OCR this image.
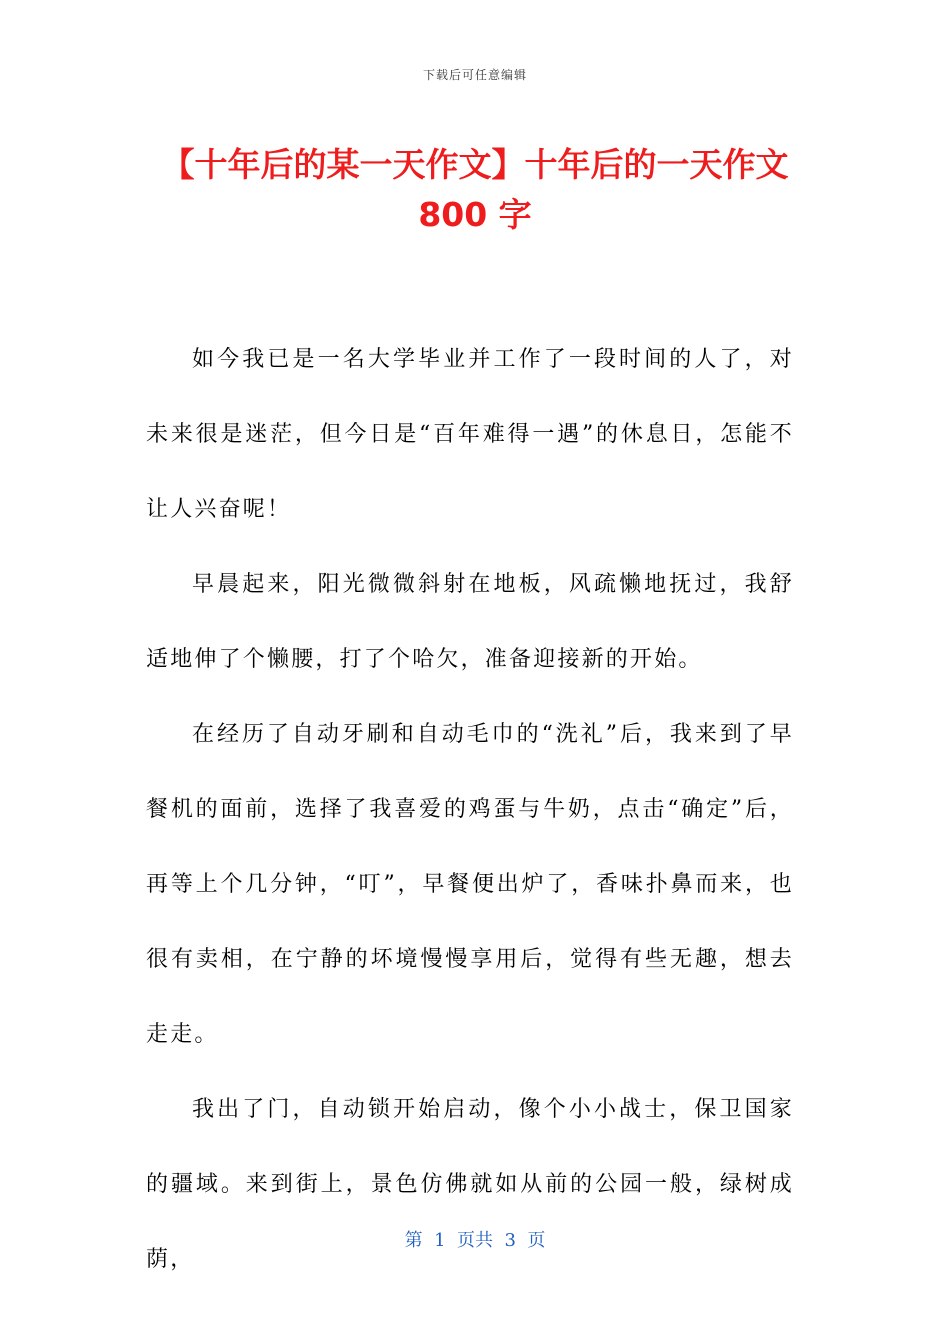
下载后可任意编辑
【十年后的某一天作文】十年后的一天作文 800 字

如今我已是一名大学毕业并工作了一段时间的人了，对未来很是迷茫，但今日是“百年难得一遇”的休息日，怎能不让人兴奋呢！

早晨起来，阳光微微斜射在地板，风疏懒地抚过，我舒适地伸了个懒腰，打了个哈欠，准备迎接新的开始。

在经历了自动牙刷和自动毛巾的“洗礼”后，我来到了早餐机的面前，选择了我喜爱的鸡蛋与牛奶，点击“确定”后，再等上个几分钟，“叮”，早餐便出炉了，香味扑鼻而来，也很有卖相，在宁静的坏境慢慢享用后，觉得有些无趣，想去走走。

我出了门，自动锁开始启动，像个小小战士，保卫国家的疆域。来到街上，景色仿佛就如从前的公园一般，绿树成荫，

第  1  页共  3  页
